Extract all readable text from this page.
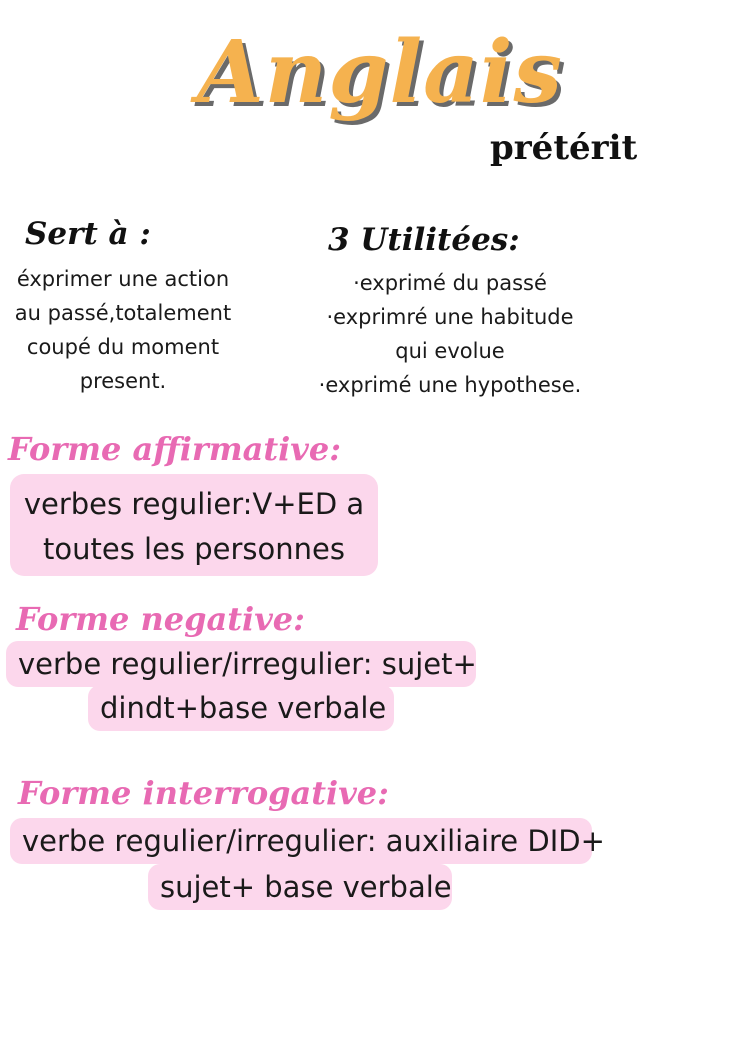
Anglais
prétérit
Sert à :
éxprimer une action
au passé,totalement
coupé du moment
present.
3 Utilitées:
·exprimé du passé
·exprimré une habitude
qui evolue
·exprimé une hypothese.
Forme affirmative:
verbes regulier:V+ED a
toutes les personnes
Forme negative:
verbe regulier/irregulier: sujet+
dindt+base verbale
Forme interrogative:
verbe regulier/irregulier: auxiliaire DID+
sujet+ base verbale
